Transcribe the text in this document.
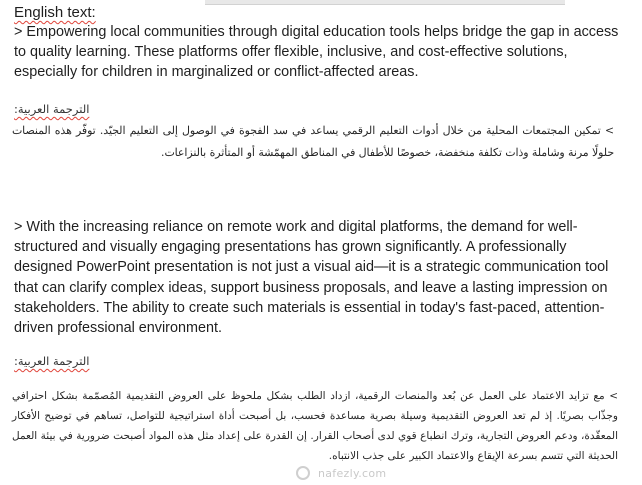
English text:

> Empowering local communities through digital education tools helps bridge the gap in access to quality learning. These platforms offer flexible, inclusive, and cost-effective solutions, especially for children in marginalized or conflict-affected areas.

الترجمة العربية:

> تمكين المجتمعات المحلية من خلال أدوات التعليم الرقمي يساعد في سد الفجوة في الوصول إلى التعليم الجيّد. توفّر هذه المنصات حلولًا مرنة وشاملة وذات تكلفة منخفضة، خصوصًا للأطفال في المناطق المهمّشة أو المتأثرة بالنزاعات.

> With the increasing reliance on remote work and digital platforms, the demand for well-structured and visually engaging presentations has grown significantly. A professionally designed PowerPoint presentation is not just a visual aid—it is a strategic communication tool that can clarify complex ideas, support business proposals, and leave a lasting impression on stakeholders. The ability to create such materials is essential in today's fast-paced, attention-driven professional environment.

الترجمة العربية:

> مع تزايد الاعتماد على العمل عن بُعد والمنصات الرقمية، ازداد الطلب بشكل ملحوظ على العروض التقديمية المُصمّمة بشكل احترافي وجذّاب بصريًا. إذ لم تعد العروض التقديمية وسيلة بصرية مساعدة فحسب، بل أصبحت أداة استراتيجية للتواصل، تساهم في توضيح الأفكار المعقّدة، ودعم العروض التجارية، وترك انطباع قوي لدى أصحاب القرار. إن القدرة على إعداد مثل هذه المواد أصبحت ضرورية في بيئة العمل الحديثة التي تتسم بسرعة الإيقاع والاعتماد الكبير على جذب الانتباه.

nafezly.com
